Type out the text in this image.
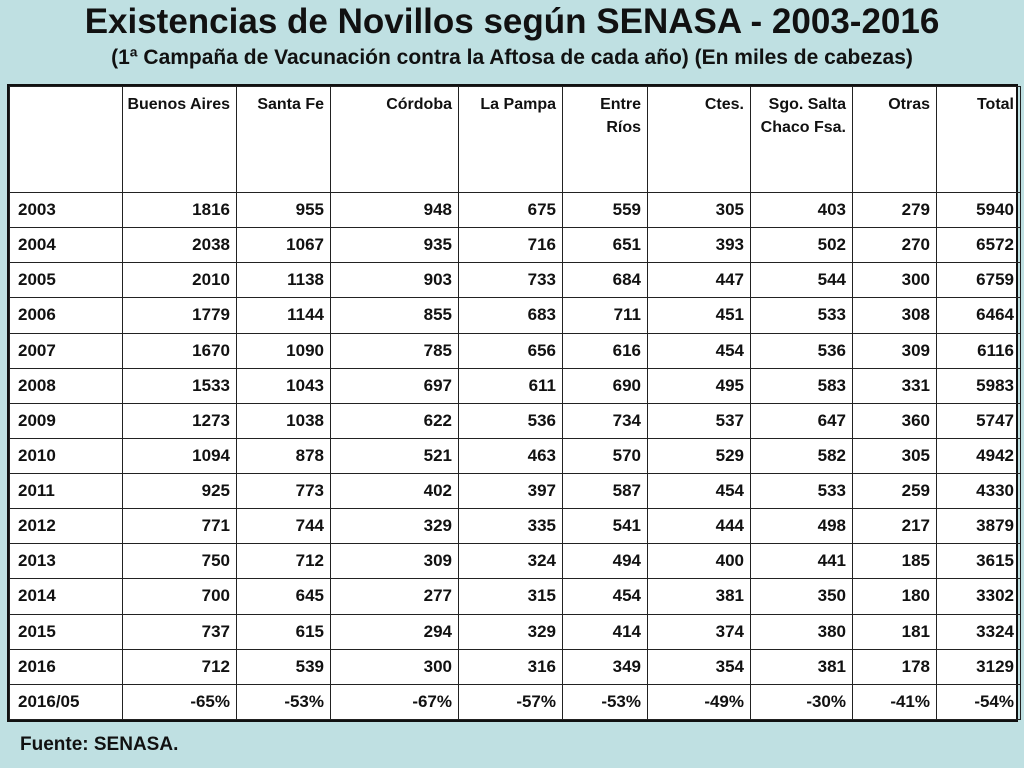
Existencias de Novillos según SENASA - 2003-2016
(1ª Campaña de Vacunación contra la Aftosa de cada año) (En miles de cabezas)
	Buenos Aires	Santa Fe	Córdoba	La Pampa	Entre Ríos	Ctes.	Sgo. Salta Chaco Fsa.	Otras	Total
2003	1816	955	948	675	559	305	403	279	5940
2004	2038	1067	935	716	651	393	502	270	6572
2005	2010	1138	903	733	684	447	544	300	6759
2006	1779	1144	855	683	711	451	533	308	6464
2007	1670	1090	785	656	616	454	536	309	6116
2008	1533	1043	697	611	690	495	583	331	5983
2009	1273	1038	622	536	734	537	647	360	5747
2010	1094	878	521	463	570	529	582	305	4942
2011	925	773	402	397	587	454	533	259	4330
2012	771	744	329	335	541	444	498	217	3879
2013	750	712	309	324	494	400	441	185	3615
2014	700	645	277	315	454	381	350	180	3302
2015	737	615	294	329	414	374	380	181	3324
2016	712	539	300	316	349	354	381	178	3129
2016/05	-65%	-53%	-67%	-57%	-53%	-49%	-30%	-41%	-54%
Fuente: SENASA.
